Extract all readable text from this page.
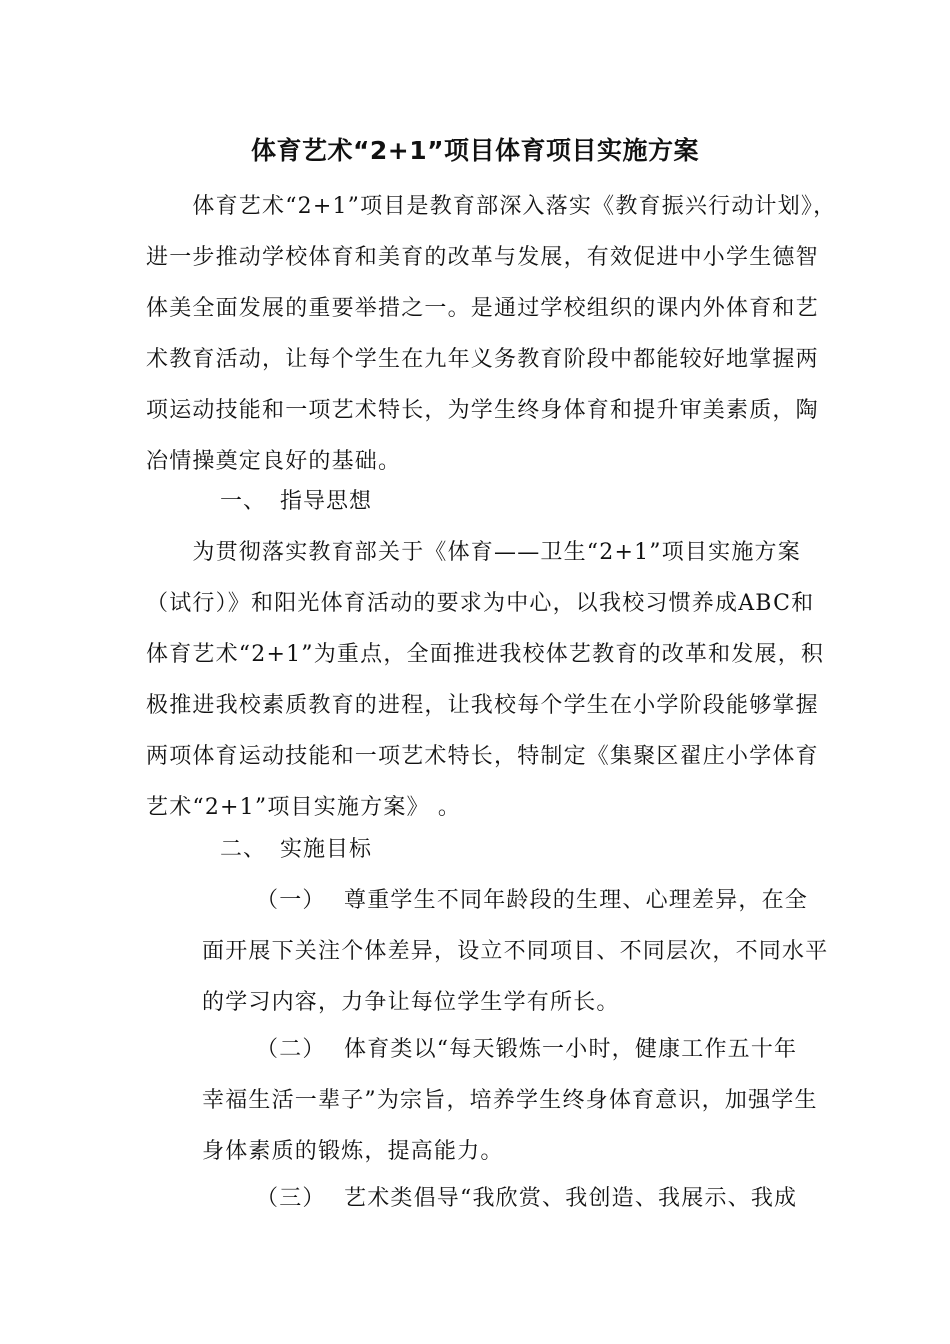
体育艺术“2+1”项目体育项目实施方案
　　体育艺术“2+1”项目是教育部深入落实《教育振兴行动计划》，
进一步推动学校体育和美育的改革与发展，有效促进中小学生德智
体美全面发展的重要举措之一。是通过学校组织的课内外体育和艺
术教育活动，让每个学生在九年义务教育阶段中都能较好地掌握两
项运动技能和一项艺术特长，为学生终身体育和提升审美素质，陶
冶情操奠定良好的基础。
一、 指导思想
　　为贯彻落实教育部关于《体育——卫生“2+1”项目实施方案
（试行）》和阳光体育活动的要求为中心，以我校习惯养成ABC和
体育艺术“2+1”为重点，全面推进我校体艺教育的改革和发展，积
极推进我校素质教育的进程，让我校每个学生在小学阶段能够掌握
两项体育运动技能和一项艺术特长，特制定《集聚区翟庄小学体育
艺术“2+1”项目实施方案》 。
二、 实施目标
（一） 尊重学生不同年龄段的生理、心理差异，在全
面开展下关注个体差异，设立不同项目、不同层次，不同水平
的学习内容，力争让每位学生学有所长。
（二） 体育类以“每天锻炼一小时，健康工作五十年
幸福生活一辈子”为宗旨，培养学生终身体育意识，加强学生
身体素质的锻炼，提高能力。
（三） 艺术类倡导“我欣赏、我创造、我展示、我成
